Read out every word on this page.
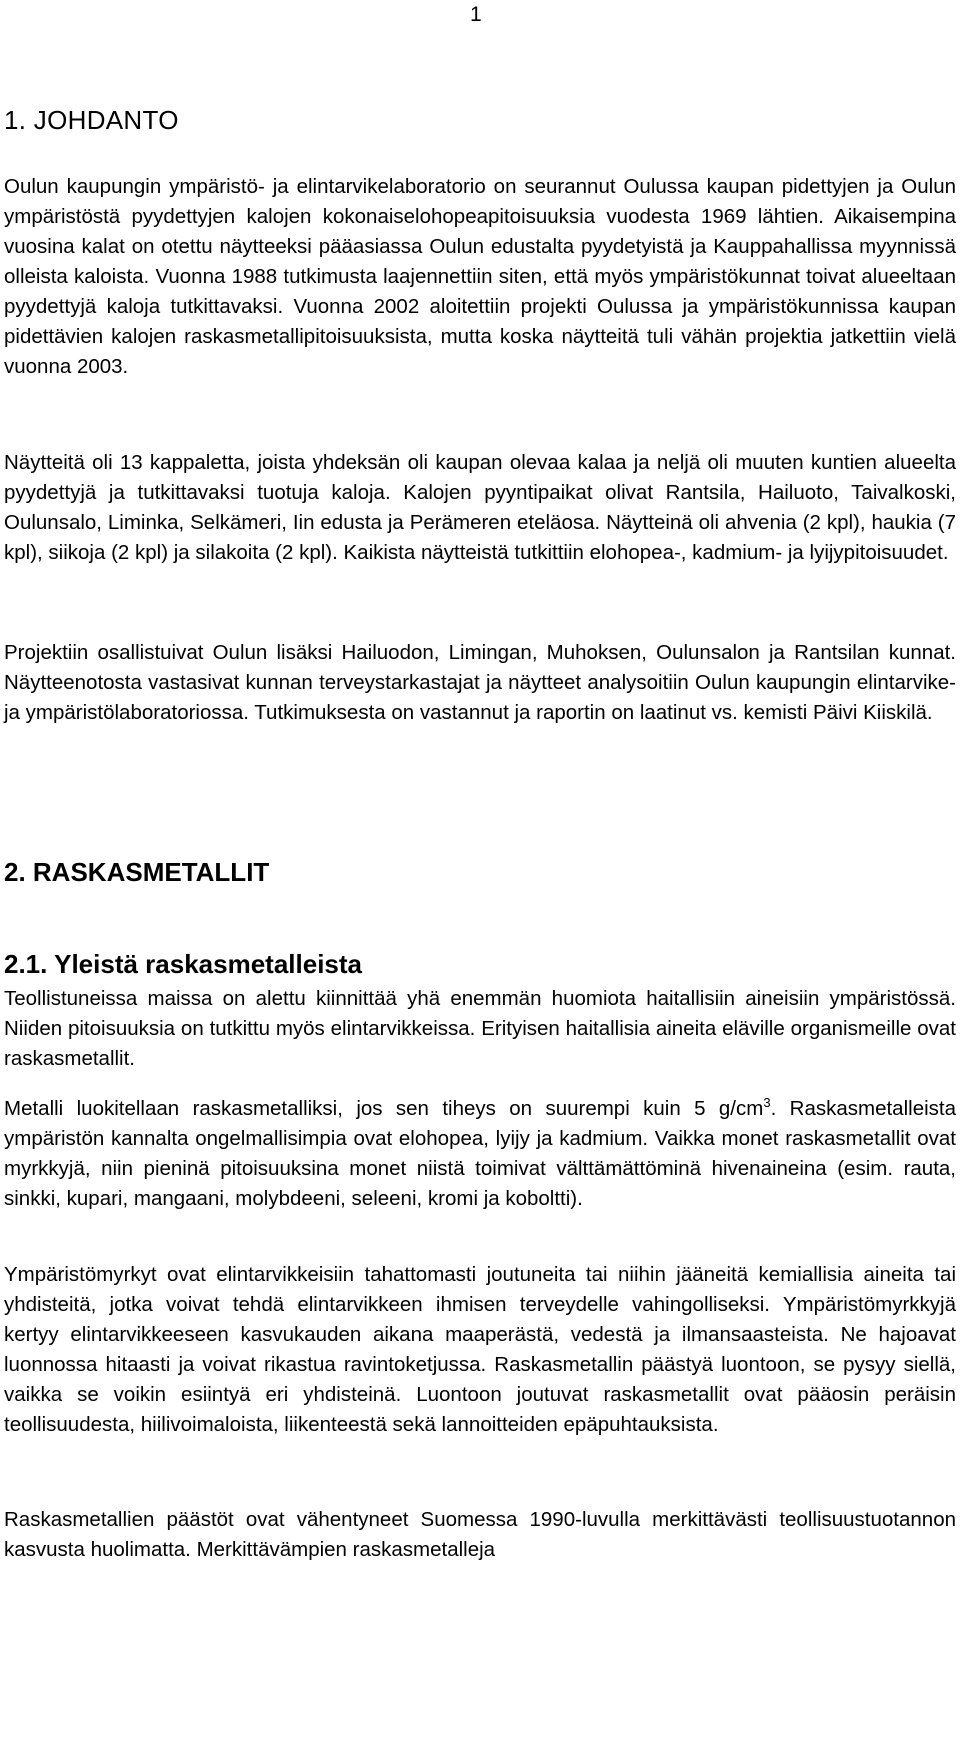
1
1. JOHDANTO

Oulun kaupungin ympäristö- ja elintarvikelaboratorio on seurannut Oulussa kaupan pidettyjen ja Oulun ympäristöstä pyydettyjen kalojen kokonaiselohopeapitoisuuksia vuodesta 1969 lähtien. Aikaisempina vuosina kalat on otettu näytteeksi pääasiassa Oulun edustalta pyydetyistä ja Kauppahallissa myynnissä olleista kaloista. Vuonna 1988 tutkimusta laajennettiin siten, että myös ympäristökunnat toivat alueeltaan pyydettyjä kaloja tutkittavaksi. Vuonna 2002 aloitettiin projekti Oulussa ja ympäristökunnissa kaupan pidettävien kalojen raskasmetallipitoisuuksista, mutta koska näytteitä tuli vähän projektia jatkettiin vielä vuonna 2003.

Näytteitä oli 13 kappaletta, joista yhdeksän oli kaupan olevaa kalaa ja neljä oli muuten kuntien alueelta pyydettyjä ja tutkittavaksi tuotuja kaloja. Kalojen pyyntipaikat olivat Rantsila, Hailuoto, Taivalkoski, Oulunsalo, Liminka, Selkämeri, Iin edusta ja Perämeren eteläosa. Näytteinä oli ahvenia (2 kpl), haukia (7 kpl), siikoja (2 kpl) ja silakoita (2 kpl). Kaikista näytteistä tutkittiin elohopea-, kadmium- ja lyijypitoisuudet.

Projektiin osallistuivat Oulun lisäksi Hailuodon, Limingan, Muhoksen, Oulunsalon ja Rantsilan kunnat. Näytteenotosta vastasivat kunnan terveystarkastajat ja näytteet analysoitiin Oulun kaupungin elintarvike- ja ympäristölaboratoriossa. Tutkimuksesta on vastannut ja raportin on laatinut vs. kemisti Päivi Kiiskilä.

2. RASKASMETALLIT
2.1. Yleistä raskasmetalleista

Teollistuneissa maissa on alettu kiinnittää yhä enemmän huomiota haitallisiin aineisiin ympäristössä. Niiden pitoisuuksia on tutkittu myös elintarvikkeissa. Erityisen haitallisia aineita eläville organismeille ovat raskasmetallit.

Metalli luokitellaan raskasmetalliksi, jos sen tiheys on suurempi kuin 5 $g/cm^3$. Raskasmetalleista ympäristön kannalta ongelmallisimpia ovat elohopea, lyijy ja kadmium. Vaikka monet raskasmetallit ovat myrkkyjä, niin pieninä pitoisuuksina monet niistä toimivat välttämättöminä hivenaineina (esim. rauta, sinkki, kupari, mangaani, molybdeeni, seleeni, kromi ja koboltti).

Ympäristömyrkyt ovat elintarvikkeisiin tahattomasti joutuneita tai niihin jääneitä kemiallisia aineita tai yhdisteitä, jotka voivat tehdä elintarvikkeen ihmisen terveydelle vahingolliseksi. Ympäristömyrkkyjä kertyy elintarvikkeeseen kasvukauden aikana maaperästä, vedestä ja ilmansaasteista. Ne hajoavat luonnossa hitaasti ja voivat rikastua ravintoketjussa. Raskasmetallin päästyä luontoon, se pysyy siellä, vaikka se voikin esiintyä eri yhdisteinä. Luontoon joutuvat raskasmetallit ovat pääosin peräisin teollisuudesta, hiilivoimaloista, liikenteestä sekä lannoitteiden epäpuhtauksista.

Raskasmetallien päästöt ovat vähentyneet Suomessa 1990-luvulla merkittävästi teollisuustuotannon kasvusta huolimatta. Merkittävämpien raskasmetalleja
